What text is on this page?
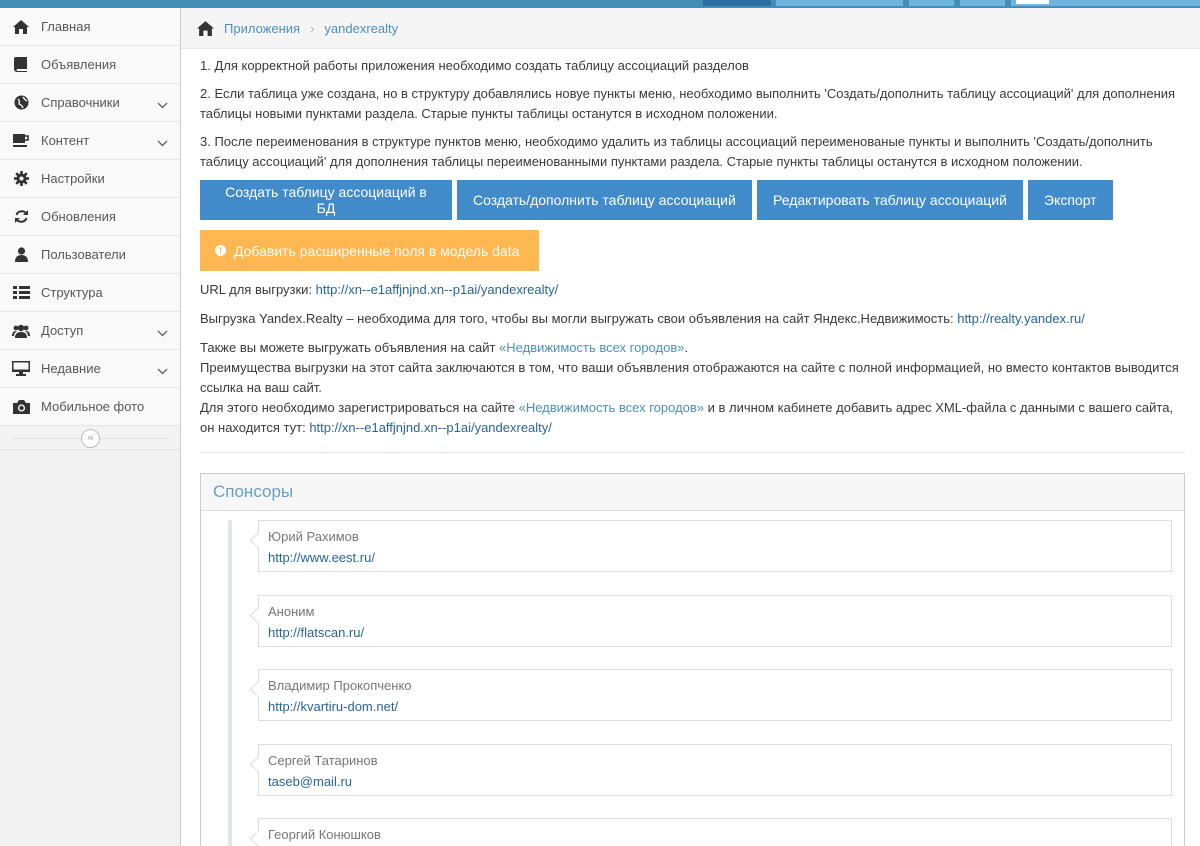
Главная
Объявления
Справочники
Контент
Настройки
Обновления
Пользователи
Структура
Доступ
Недавние
Мобильное фото
«
Приложения › yandexrealty
1. Для корректной работы приложения необходимо создать таблицу ассоциаций разделов
2. Если таблица уже создана, но в структуру добавлялись новуе пункты меню, необходимо выполнить 'Создать/дополнить таблицу ассоциаций' для дополнения таблицы новыми пунктами раздела. Старые пункты таблицы останутся в исходном положении.
3. После переименования в структуре пунктов меню, необходимо удалить из таблицы ассоциаций переименованые пункты и выполнить 'Создать/дополнить таблицу ассоциаций' для дополнения таблицы переименованными пунктами раздела. Старые пункты таблицы останутся в исходном положении.
Создать таблицу ассоциаций в БД	Создать/дополнить таблицу ассоциаций	Редактировать таблицу ассоциаций	Экспорт
! Добавить расширенные поля в модель data
URL для выгрузки: http://xn--e1affjnjnd.xn--p1ai/yandexrealty/
Выгрузка Yandex.Realty – необходима для того, чтобы вы могли выгружать свои объявления на сайт Яндекс.Недвижимость: http://realty.yandex.ru/
Также вы можете выгружать объявления на сайт «Недвижимость всех городов».
Преимущества выгрузки на этот сайта заключаются в том, что ваши объявления отображаются на сайте с полной информацией, но вместо контактов выводится ссылка на ваш сайт.
Для этого необходимо зарегистрироваться на сайте «Недвижимость всех городов» и в личном кабинете добавить адрес XML-файла с данными с вашего сайта, он находится тут: http://xn--e1affjnjnd.xn--p1ai/yandexrealty/
Спонсоры
Юрий Рахимов
http://www.eest.ru/
Аноним
http://flatscan.ru/
Владимир Прокопченко
http://kvartiru-dom.net/
Сергей Татаринов
taseb@mail.ru
Георгий Конюшков
